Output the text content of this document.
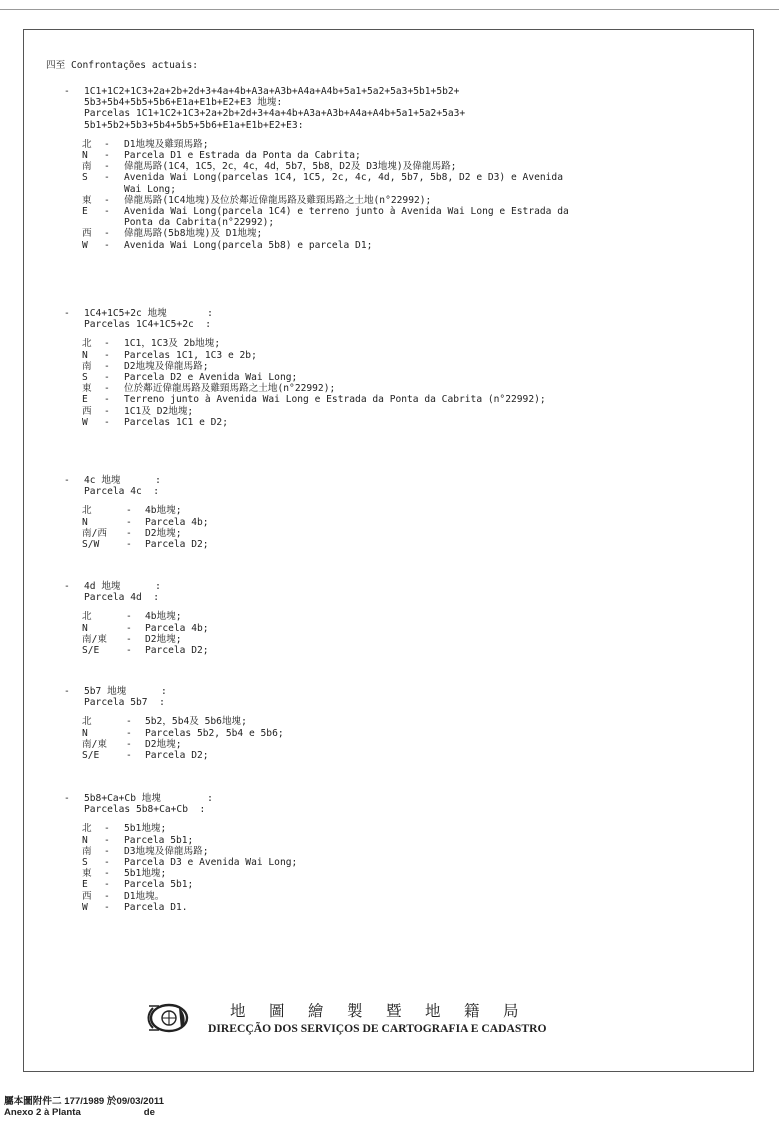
四至 Confrontações actuais:
- 1C1+1C2+1C3+2a+2b+2d+3+4a+4b+A3a+A3b+A4a+A4b+5a1+5a2+5a3+5b1+5b2+
5b3+5b4+5b5+5b6+E1a+E1b+E2+E3 地塊:
Parcelas 1C1+1C2+1C3+2a+2b+2d+3+4a+4b+A3a+A3b+A4a+A4b+5a1+5a2+5a3+
5b1+5b2+5b3+5b4+5b5+5b6+E1a+E1b+E2+E3:
北 - D1地塊及雞頸馬路;
N - Parcela D1 e Estrada da Ponta da Cabrita;
南 - 偉龍馬路(1C4，1C5，2c，4c，4d，5b7，5b8，D2及 D3地塊)及偉龍馬路;
S - Avenida Wai Long(parcelas 1C4, 1C5, 2c, 4c, 4d, 5b7, 5b8, D2 e D3) e Avenida
Wai Long;
東 - 偉龍馬路(1C4地塊)及位於鄰近偉龍馬路及雞頸馬路之土地(n°22992);
E - Avenida Wai Long(parcela 1C4) e terreno junto à Avenida Wai Long e Estrada da
Ponta da Cabrita(n°22992);
西 - 偉龍馬路(5b8地塊)及 D1地塊;
W - Avenida Wai Long(parcela 5b8) e parcela D1;
- 1C4+1C5+2c 地塊       :
Parcelas 1C4+1C5+2c  :
北 - 1C1，1C3及 2b地塊;
N - Parcelas 1C1, 1C3 e 2b;
南 - D2地塊及偉龍馬路;
S - Parcela D2 e Avenida Wai Long;
東 - 位於鄰近偉龍馬路及雞頸馬路之土地(n°22992);
E - Terreno junto à Avenida Wai Long e Estrada da Ponta da Cabrita (n°22992);
西 - 1C1及 D2地塊;
W - Parcelas 1C1 e D2;
- 4c 地塊      :
Parcela 4c  :
北	- 4b地塊;
N	- Parcela 4b;
南/西 - D2地塊;
S/W	- Parcela D2;
- 4d 地塊      :
Parcela 4d  :
北	- 4b地塊;
N	- Parcela 4b;
南/東 - D2地塊;
S/E	- Parcela D2;
- 5b7 地塊      :
Parcela 5b7  :
北	- 5b2，5b4及 5b6地塊;
N	- Parcelas 5b2, 5b4 e 5b6;
南/東 - D2地塊;
S/E	- Parcela D2;
- 5b8+Ca+Cb 地塊        :
Parcelas 5b8+Ca+Cb  :
北 - 5b1地塊;
N - Parcela 5b1;
南 - D3地塊及偉龍馬路;
S - Parcela D3 e Avenida Wai Long;
東 - 5b1地塊;
E - Parcela 5b1;
西 - D1地塊。
W - Parcela D1.
地圖繪製暨地籍局
DIRECÇÃO DOS SERVIÇOS DE CARTOGRAFIA E CADASTRO
屬本圖附件二 177/1989 於09/03/2011
Anexo 2 à Planta	de
